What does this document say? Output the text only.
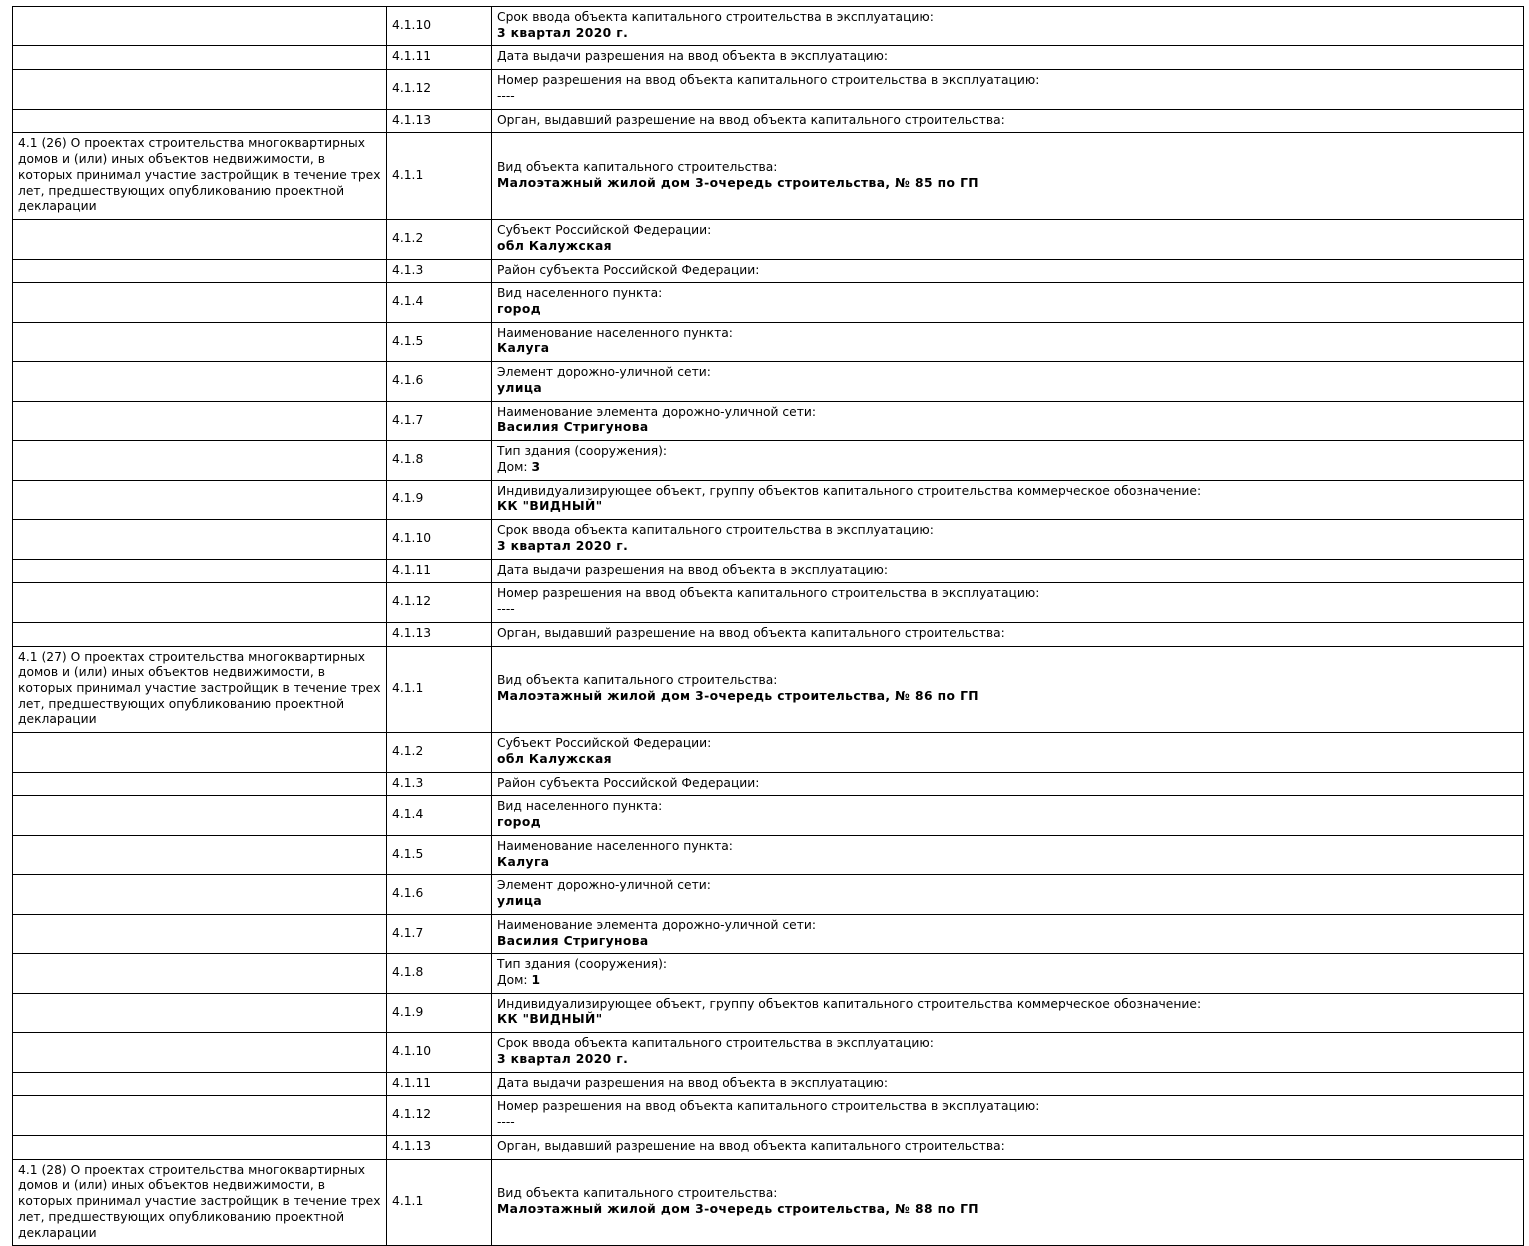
	4.1.10	Срок ввода объекта капитального строительства в эксплуатацию:
3 квартал 2020 г.

	4.1.11	Дата выдачи разрешения на ввод объекта в эксплуатацию:

	4.1.12	Номер разрешения на ввод объекта капитального строительства в эксплуатацию:
----

	4.1.13	Орган, выдавший разрешение на ввод объекта капитального строительства:

4.1 (26) О проектах строительства многоквартирных домов и (или) иных объектов недвижимости, в которых принимал участие застройщик в течение трех лет, предшествующих опубликованию проектной декларации	4.1.1	Вид объекта капитального строительства:
Малоэтажный жилой дом 3-очередь строительства, № 85 по ГП

	4.1.2	Субъект Российской Федерации:
обл Калужская

	4.1.3	Район субъекта Российской Федерации:

	4.1.4	Вид населенного пункта:
город

	4.1.5	Наименование населенного пункта:
Калуга

	4.1.6	Элемент дорожно-уличной сети:
улица

	4.1.7	Наименование элемента дорожно-уличной сети:
Василия Стригунова

	4.1.8	Тип здания (сооружения):
Дом: 3

	4.1.9	Индивидуализирующее объект, группу объектов капитального строительства коммерческое обозначение:
КК "ВИДНЫЙ"

	4.1.10	Срок ввода объекта капитального строительства в эксплуатацию:
3 квартал 2020 г.

	4.1.11	Дата выдачи разрешения на ввод объекта в эксплуатацию:

	4.1.12	Номер разрешения на ввод объекта капитального строительства в эксплуатацию:
----

	4.1.13	Орган, выдавший разрешение на ввод объекта капитального строительства:

4.1 (27) О проектах строительства многоквартирных домов и (или) иных объектов недвижимости, в которых принимал участие застройщик в течение трех лет, предшествующих опубликованию проектной декларации	4.1.1	Вид объекта капитального строительства:
Малоэтажный жилой дом 3-очередь строительства, № 86 по ГП

	4.1.2	Субъект Российской Федерации:
обл Калужская

	4.1.3	Район субъекта Российской Федерации:

	4.1.4	Вид населенного пункта:
город

	4.1.5	Наименование населенного пункта:
Калуга

	4.1.6	Элемент дорожно-уличной сети:
улица

	4.1.7	Наименование элемента дорожно-уличной сети:
Василия Стригунова

	4.1.8	Тип здания (сооружения):
Дом: 1

	4.1.9	Индивидуализирующее объект, группу объектов капитального строительства коммерческое обозначение:
КК "ВИДНЫЙ"

	4.1.10	Срок ввода объекта капитального строительства в эксплуатацию:
3 квартал 2020 г.

	4.1.11	Дата выдачи разрешения на ввод объекта в эксплуатацию:

	4.1.12	Номер разрешения на ввод объекта капитального строительства в эксплуатацию:
----

	4.1.13	Орган, выдавший разрешение на ввод объекта капитального строительства:

4.1 (28) О проектах строительства многоквартирных домов и (или) иных объектов недвижимости, в которых принимал участие застройщик в течение трех лет, предшествующих опубликованию проектной декларации	4.1.1	Вид объекта капитального строительства:
Малоэтажный жилой дом 3-очередь строительства, № 88 по ГП
